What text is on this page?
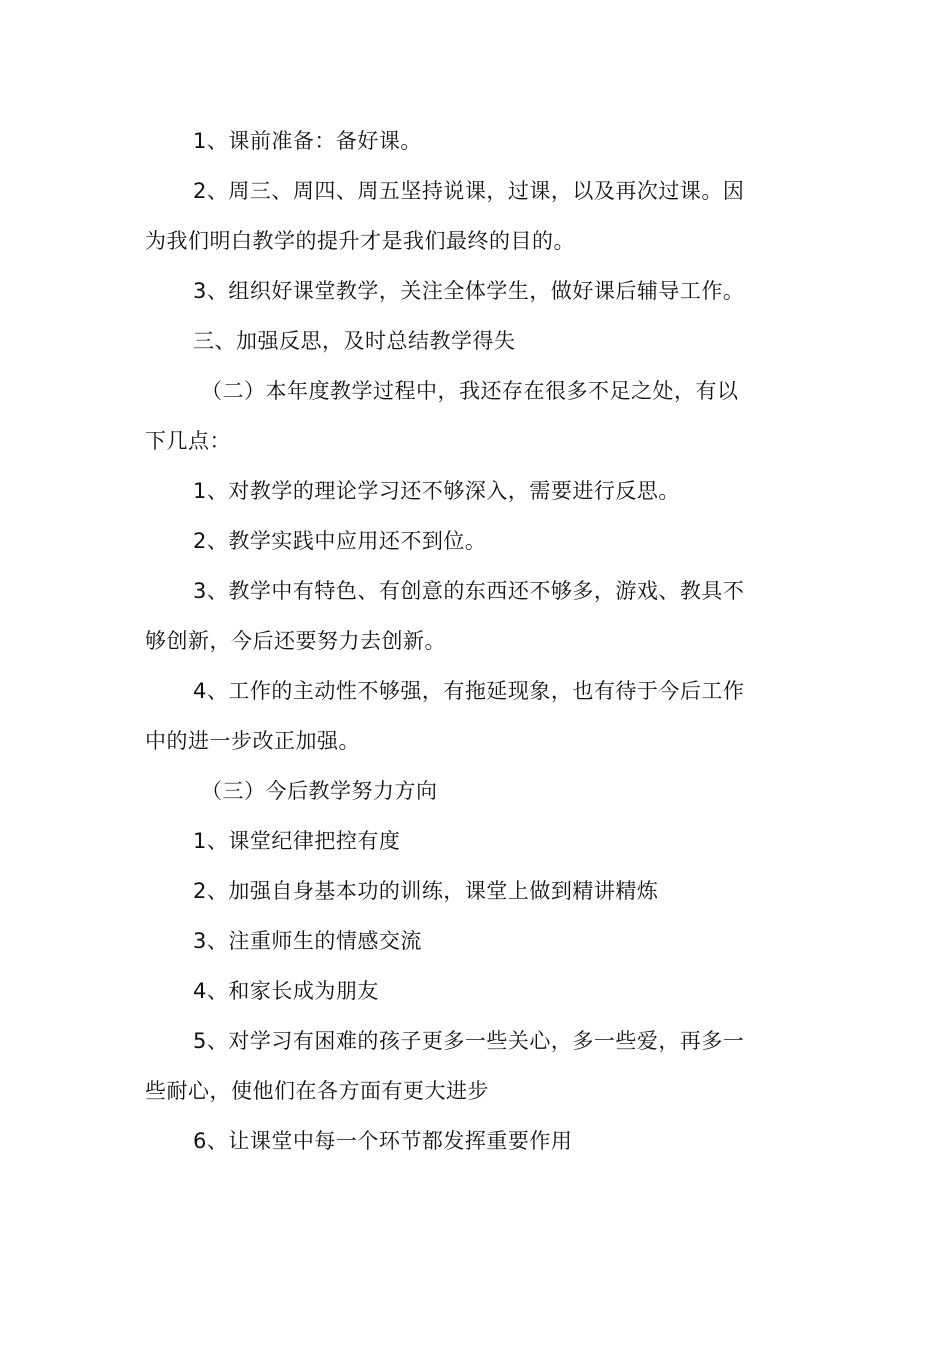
1、课前准备：备好课。

2、周三、周四、周五坚持说课，过课，以及再次过课。因为我们明白教学的提升才是我们最终的目的。

3、组织好课堂教学，关注全体学生，做好课后辅导工作。

三、加强反思，及时总结教学得失

（二）本年度教学过程中，我还存在很多不足之处，有以下几点：

1、对教学的理论学习还不够深入，需要进行反思。

2、教学实践中应用还不到位。

3、教学中有特色、有创意的东西还不够多，游戏、教具不够创新，今后还要努力去创新。

4、工作的主动性不够强，有拖延现象，也有待于今后工作中的进一步改正加强。

（三）今后教学努力方向

1、课堂纪律把控有度

2、加强自身基本功的训练，课堂上做到精讲精炼

3、注重师生的情感交流

4、和家长成为朋友

5、对学习有困难的孩子更多一些关心，多一些爱，再多一些耐心，使他们在各方面有更大进步

6、让课堂中每一个环节都发挥重要作用
